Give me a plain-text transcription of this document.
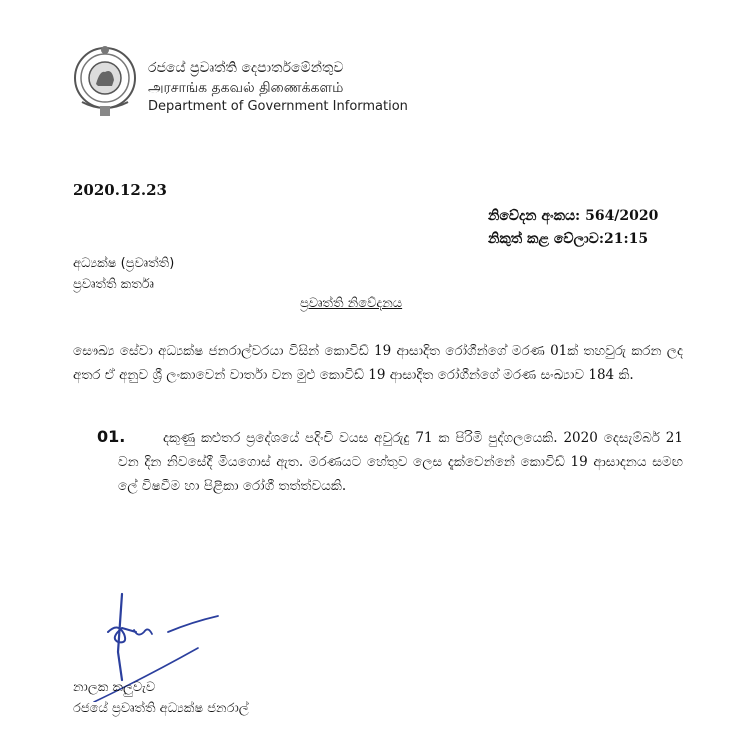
රජයේ ප්‍රවෘත්ති දෙපාර්තමේන්තුව
அரசாங்க தகவல் திணைக்களம்
Department of Government Information
2020.12.23
නිවේදන අංකය: 564/2020
නිකුත් කළ වේලාව:21:15
අධ්‍යක්ෂ (ප්‍රවෘත්ති)
ප්‍රවෘත්ති කර්තෘ
ප්‍රවෘත්ති නිවේදනය
සෞඛ්‍ය සේවා අධ්‍යක්ෂ ජනරාල්වරයා විසින් කොවිඩ් 19 ආසාදිත රෝගීන්ගේ මරණ 01ක් තහවුරු කරන ලද අතර ඒ අනුව ශ්‍රී ලංකාවෙන් වාර්තා වන මුළු කොවිඩ් 19 ආසාදිත රෝගීන්ගේ මරණ සංඛ්‍යාව 184 කි.
01.	දකුණු කළුතර ප්‍රදේශයේ පදිංචි වයස අවුරුදු 71 ක පිරිමි පුද්ගලයෙකි. 2020 දෙසැම්බර් 21 වන දින නිවසේදී මියගොස් ඇත. මරණයට හේතුව ලෙස දැක්වෙන්නේ කොවිඩ් 19 ආසාදනය සමඟ ලේ විෂවීම හා පිළිකා රෝගී තත්ත්වයකි.
නාලක කලුවැව
රජයේ ප්‍රවෘත්ති අධ්‍යක්ෂ ජනරාල්
